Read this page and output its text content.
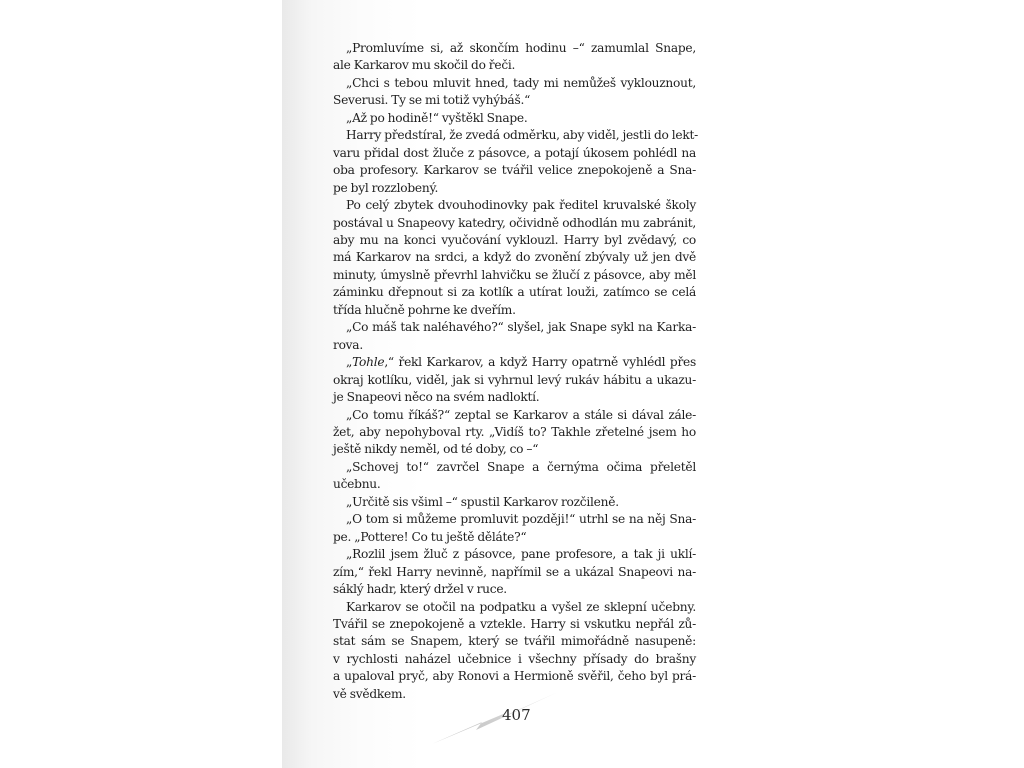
„Promluvíme si, až skončím hodinu –“ zamumlal Snape,
ale Karkarov mu skočil do řeči.

„Chci s tebou mluvit hned, tady mi nemůžeš vyklouznout,
Severusi. Ty se mi totiž vyhýbáš.“

„Až po hodině!“ vyštěkl Snape.

Harry předstíral, že zvedá odměrku, aby viděl, jestli do lekt-
varu přidal dost žluče z pásovce, a potají úkosem pohlédl na
oba profesory. Karkarov se tvářil velice znepokojeně a Sna-
pe byl rozzlobený.

Po celý zbytek dvouhodinovky pak ředitel kruvalské školy
postával u Snapeovy katedry, očividně odhodlán mu zabránit,
aby mu na konci vyučování vyklouzl. Harry byl zvědavý, co
má Karkarov na srdci, a když do zvonění zbývaly už jen dvě
minuty, úmyslně převrhl lahvičku se žlučí z pásovce, aby měl
záminku dřepnout si za kotlík a utírat louži, zatímco se celá
třída hlučně pohrne ke dveřím.

„Co máš tak naléhavého?“ slyšel, jak Snape sykl na Karka-
rova.

„Tohle,“ řekl Karkarov, a když Harry opatrně vyhlédl přes
okraj kotlíku, viděl, jak si vyhrnul levý rukáv hábitu a ukazu-
je Snapeovi něco na svém nadloktí.

„Co tomu říkáš?“ zeptal se Karkarov a stále si dával zále-
žet, aby nepohyboval rty. „Vidíš to? Takhle zřetelné jsem ho
ještě nikdy neměl, od té doby, co –“

„Schovej to!“ zavrčel Snape a černýma očima přeletěl
učebnu.

„Určitě sis všiml –“ spustil Karkarov rozčileně.

„O tom si můžeme promluvit později!“ utrhl se na něj Sna-
pe. „Pottere! Co tu ještě děláte?“

„Rozlil jsem žluč z pásovce, pane profesore, a tak ji uklí-
zím,“ řekl Harry nevinně, napřímil se a ukázal Snapeovi na-
sáklý hadr, který držel v ruce.

Karkarov se otočil na podpatku a vyšel ze sklepní učebny.
Tvářil se znepokojeně a vztekle. Harry si vskutku nepřál zů-
stat sám se Snapem, který se tvářil mimořádně nasupeně:
v rychlosti naházel učebnice i všechny přísady do brašny
a upaloval pryč, aby Ronovi a Hermioně svěřil, čeho byl prá-
vě svědkem.

407
